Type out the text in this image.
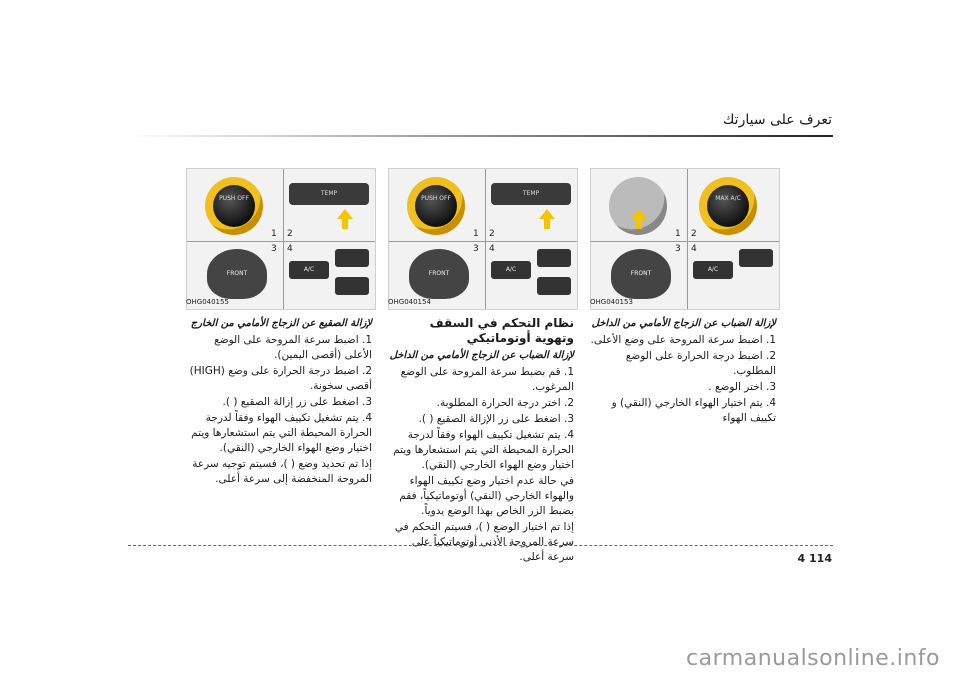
تعرف على سيارتك
PUSH OFF
TEMP
1 2
3 4
FRONT
A/C
OHG040155
PUSH OFF
TEMP
1 2
3 4
FRONT
A/C
OHG040154
MAX A/C
1 2
3 4
FRONT
A/C
OHG040153
لإزالة الصقيع عن الزجاج الأمامي من الخارج

1. اضبط سرعة المروحة على الوضع الأعلى (أقصى اليمين).

2. اضبط درجة الحرارة على وضع (HIGH) أقصى سخونة.

3. اضغط على زر إزالة الصقيع ( ).

4. يتم تشغيل تكييف الهواء وفقاً لدرجة الحرارة المحيطة التي يتم استشعارها ويتم اختيار وضع الهواء الخارجي (النقي).

إذا تم تحديد وضع ( )، فسيتم توجيه سرعة المروحة المنخفضة إلى سرعة أعلى.

نظام التحكم في السقف وتهوية أوتوماتيكي
لإزالة الضباب عن الزجاج الأمامي من الداخل

1. قم بضبط سرعة المروحة على الوضع المرغوب.

2. اختر درجة الحرارة المطلوبة.

3. اضغط على زر الإزالة الصقيع ( ).

4. يتم تشغيل تكييف الهواء وفقاً لدرجة الحرارة المحيطة التي يتم استشعارها ويتم اختيار وضع الهواء الخارجي (النقي).

في حالة عدم اختيار وضع تكييف الهواء والهواء الخارجي (النقي) أوتوماتيكياً، فقم بضبط الزر الخاص بهذا الوضع يدوياً.

إذا تم اختيار الوضع ( )، فسيتم التحكم في سرعة المروحة الأدنى أوتوماتيكياً على سرعة أعلى.

لإزالة الضباب عن الزجاج الأمامي من الداخل

1. اضبط سرعة المروحة على وضع الأعلى.

2. اضبط درجة الحرارة على الوضع المطلوب.

3. اختر الوضع .

4. يتم اختيار الهواء الخارجي (النقي) و تكييف الهواء

4 114
carmanualsonline.info
